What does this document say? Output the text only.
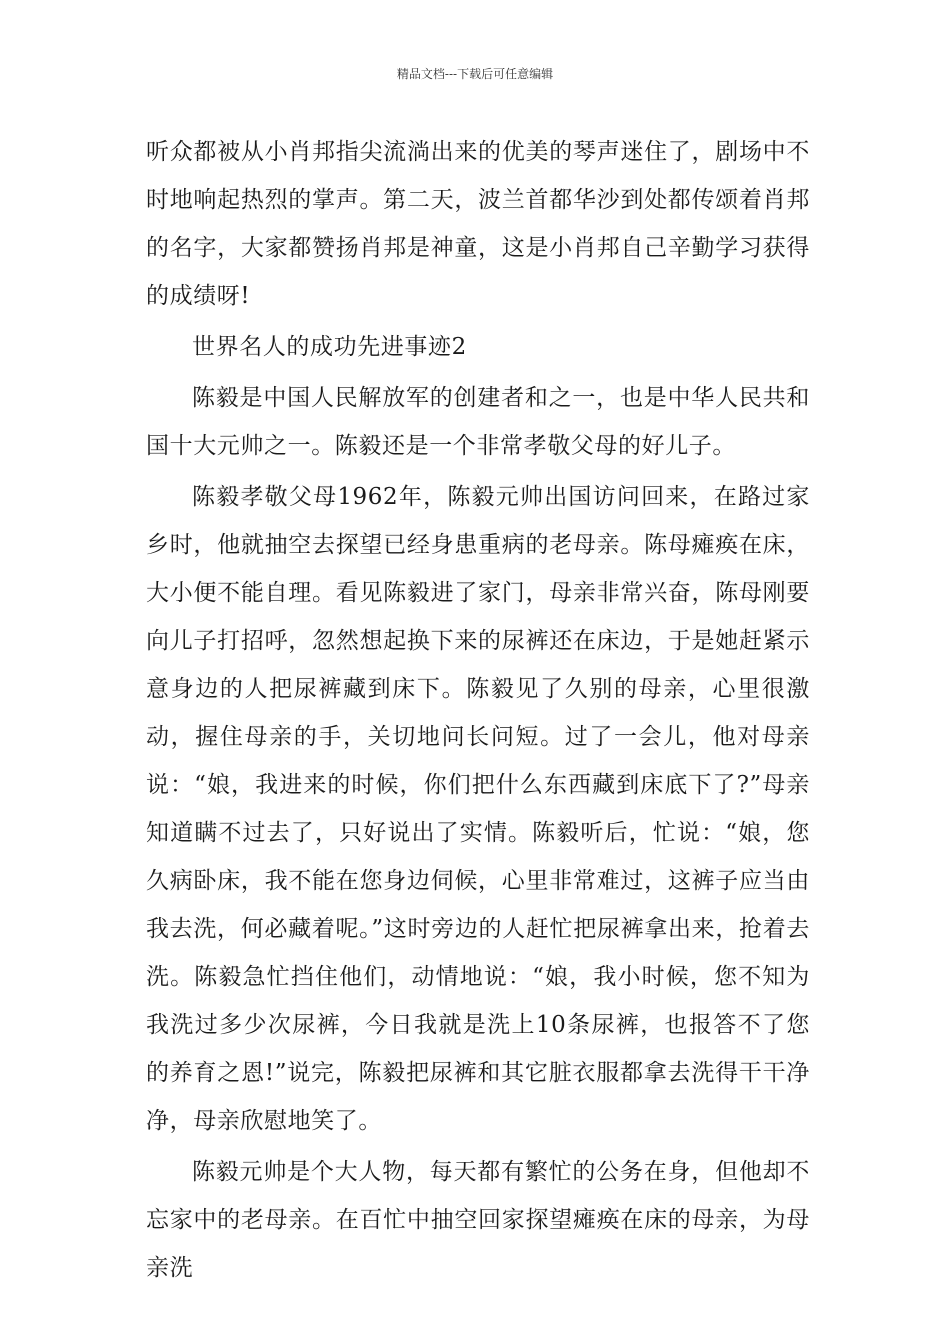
精品文档---下载后可任意编辑

听众都被从小肖邦指尖流淌出来的优美的琴声迷住了，剧场中不时地响起热烈的掌声。第二天，波兰首都华沙到处都传颂着肖邦的名字，大家都赞扬肖邦是神童，这是小肖邦自己辛勤学习获得的成绩呀!

世界名人的成功先进事迹2

陈毅是中国人民解放军的创建者和之一，也是中华人民共和国十大元帅之一。陈毅还是一个非常孝敬父母的好儿子。

陈毅孝敬父母1962年，陈毅元帅出国访问回来，在路过家乡时，他就抽空去探望已经身患重病的老母亲。陈母瘫痪在床，大小便不能自理。看见陈毅进了家门，母亲非常兴奋，陈母刚要向儿子打招呼，忽然想起换下来的尿裤还在床边，于是她赶紧示意身边的人把尿裤藏到床下。陈毅见了久别的母亲，心里很激动，握住母亲的手，关切地问长问短。过了一会儿，他对母亲说：“娘，我进来的时候，你们把什么东西藏到床底下了?”母亲知道瞒不过去了，只好说出了实情。陈毅听后，忙说：“娘，您久病卧床，我不能在您身边伺候，心里非常难过，这裤子应当由我去洗，何必藏着呢。”这时旁边的人赶忙把尿裤拿出来，抢着去洗。陈毅急忙挡住他们，动情地说：“娘，我小时候，您不知为我洗过多少次尿裤，今日我就是洗上10条尿裤，也报答不了您的养育之恩!”说完，陈毅把尿裤和其它脏衣服都拿去洗得干干净净，母亲欣慰地笑了。

陈毅元帅是个大人物，每天都有繁忙的公务在身，但他却不忘家中的老母亲。在百忙中抽空回家探望瘫痪在床的母亲，为母亲洗
